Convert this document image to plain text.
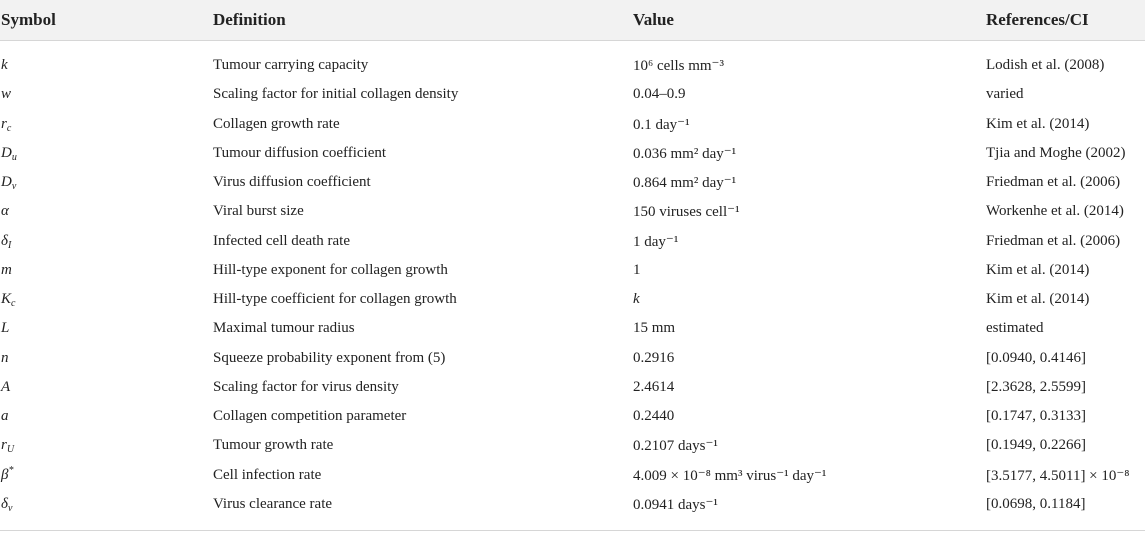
Symbol	Definition	Value	References/CI
k	Tumour carrying capacity	10⁶ cells mm⁻³	Lodish et al. (2008)
w	Scaling factor for initial collagen density	0.04–0.9	varied
$r_c$	Collagen growth rate	0.1 day⁻¹	Kim et al. (2014)
$D_u$	Tumour diffusion coefficient	0.036 mm² day⁻¹	Tjia and Moghe (2002)
$D_v$	Virus diffusion coefficient	0.864 mm² day⁻¹	Friedman et al. (2006)
α	Viral burst size	150 viruses cell⁻¹	Workenhe et al. (2014)
$\delta_I$	Infected cell death rate	1 day⁻¹	Friedman et al. (2006)
m	Hill-type exponent for collagen growth	1	Kim et al. (2014)
$K_c$	Hill-type coefficient for collagen growth	k	Kim et al. (2014)
L	Maximal tumour radius	15 mm	estimated
n	Squeeze probability exponent from (5)	0.2916	[0.0940, 0.4146]
A	Scaling factor for virus density	2.4614	[2.3628, 2.5599]
a	Collagen competition parameter	0.2440	[0.1747, 0.3133]
$r_U$	Tumour growth rate	0.2107 days⁻¹	[0.1949, 0.2266]
β*	Cell infection rate	4.009 × 10⁻⁸ mm³ virus⁻¹ day⁻¹	[3.5177, 4.5011] × 10⁻⁸
$\delta_v$	Virus clearance rate	0.0941 days⁻¹	[0.0698, 0.1184]
